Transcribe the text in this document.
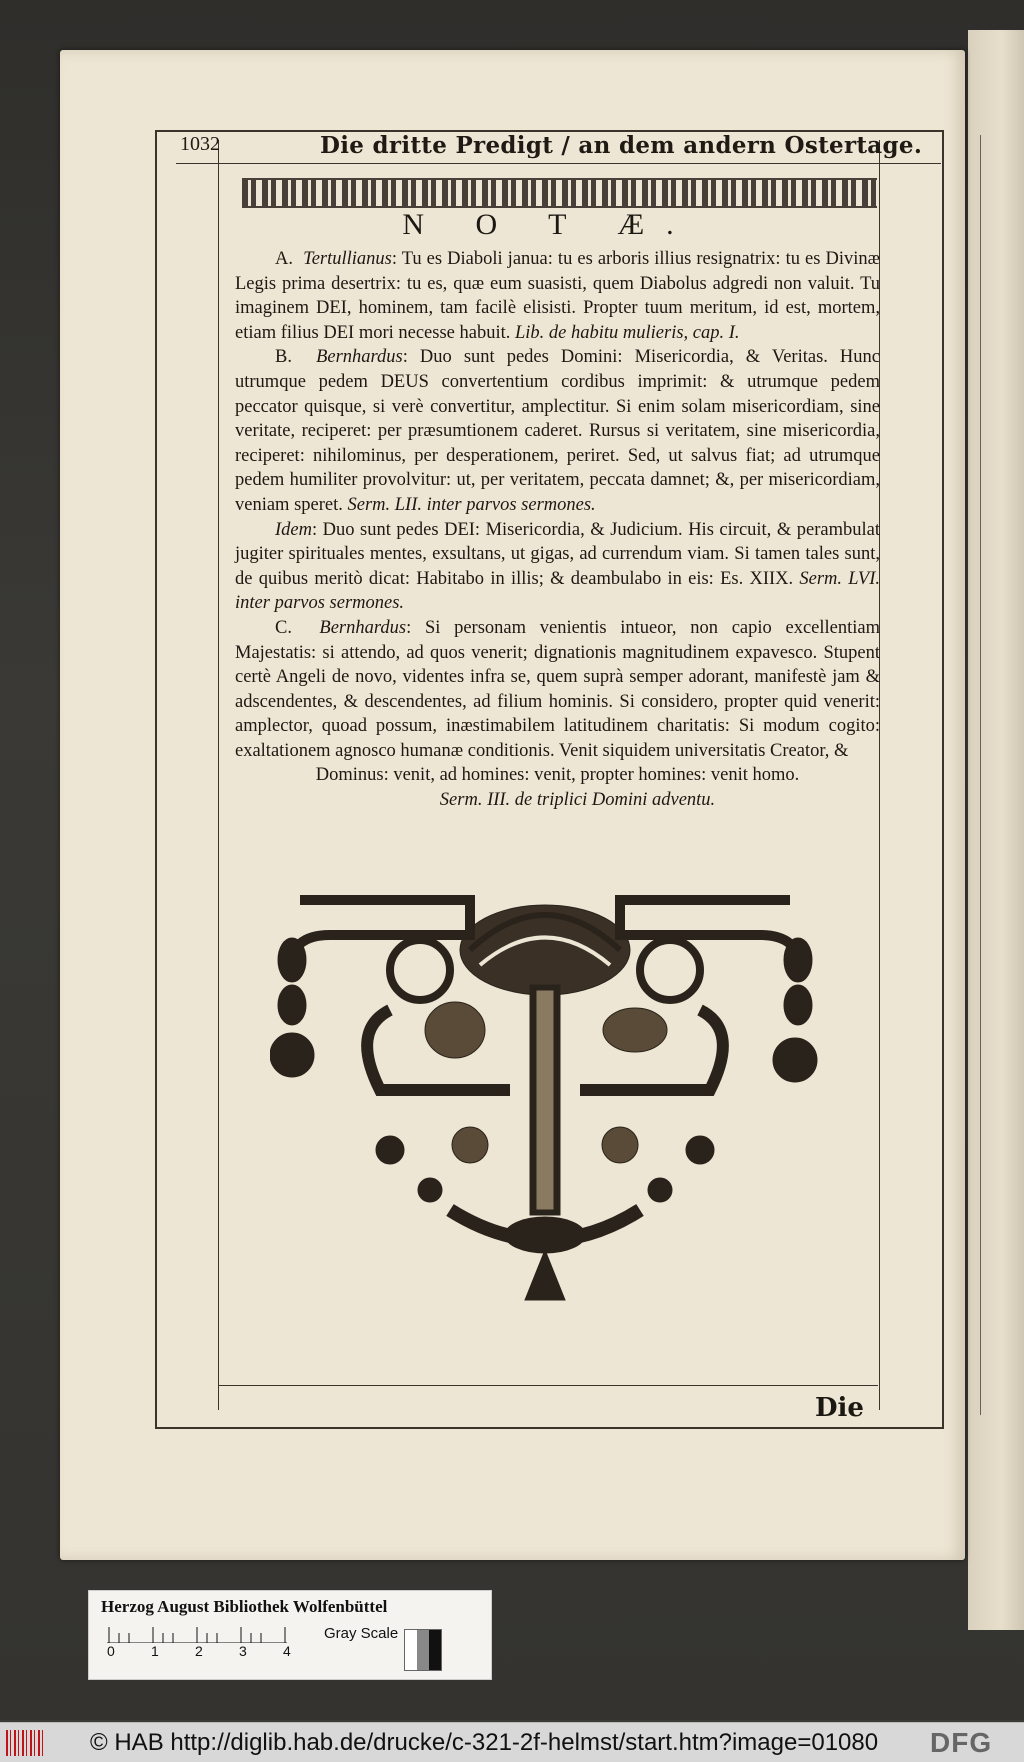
1032	Die dritte Predigt / an dem andern Ostertage.
N O T Æ.

A. Tertullianus: Tu es Diaboli janua: tu es arboris illius resignatrix: tu es Divinæ Legis prima desertrix: tu es, quæ eum suasisti, quem Diabolus adgredi non valuit. Tu imaginem DEI, hominem, tam facilè elisisti. Propter tuum meritum, id est, mortem, etiam filius DEI mori necesse habuit. Lib. de habitu mulieris, cap. I.

B. Bernhardus: Duo sunt pedes Domini: Misericordia, & Veritas. Hunc utrumque pedem DEUS convertentium cordibus imprimit: & utrumque pedem peccator quisque, si verè convertitur, amplectitur. Si enim solam misericordiam, sine veritate, reciperet: per præsumtionem caderet. Rursus si veritatem, sine misericordia, reciperet: nihilominus, per desperationem, periret. Sed, ut salvus fiat; ad utrumque pedem humiliter provolvitur: ut, per veritatem, peccata damnet; &, per misericordiam, veniam speret. Serm. LII. inter parvos sermones.

Idem: Duo sunt pedes DEI: Misericordia, & Judicium. His circuit, & perambulat jugiter spirituales mentes, exsultans, ut gigas, ad currendum viam. Si tamen tales sunt, de quibus meritò dicat: Habitabo in illis; & deambulabo in eis: Es. XIIX. Serm. LVI. inter parvos sermones.

C. Bernhardus: Si personam venientis intueor, non capio excellentiam Majestatis: si attendo, ad quos venerit; dignationis magnitudinem expavesco. Stupent certè Angeli de novo, videntes infra se, quem suprà semper adorant, manifestè jam & adscendentes, & descendentes, ad filium hominis. Si considero, propter quid venerit: amplector, quoad possum, inæstimabilem latitudinem charitatis: Si modum cogito: exaltationem agnosco humanæ conditionis. Venit siquidem universitatis Creator, &

Dominus: venit, ad homines: venit, propter homines: venit homo.

Serm. III. de triplici Domini adventu.

Die
Herzog August Bibliothek Wolfenbüttel
0	1	2	3	4
Gray Scale
© HAB http://diglib.hab.de/drucke/c-321-2f-helmst/start.htm?image=01080 DFG
